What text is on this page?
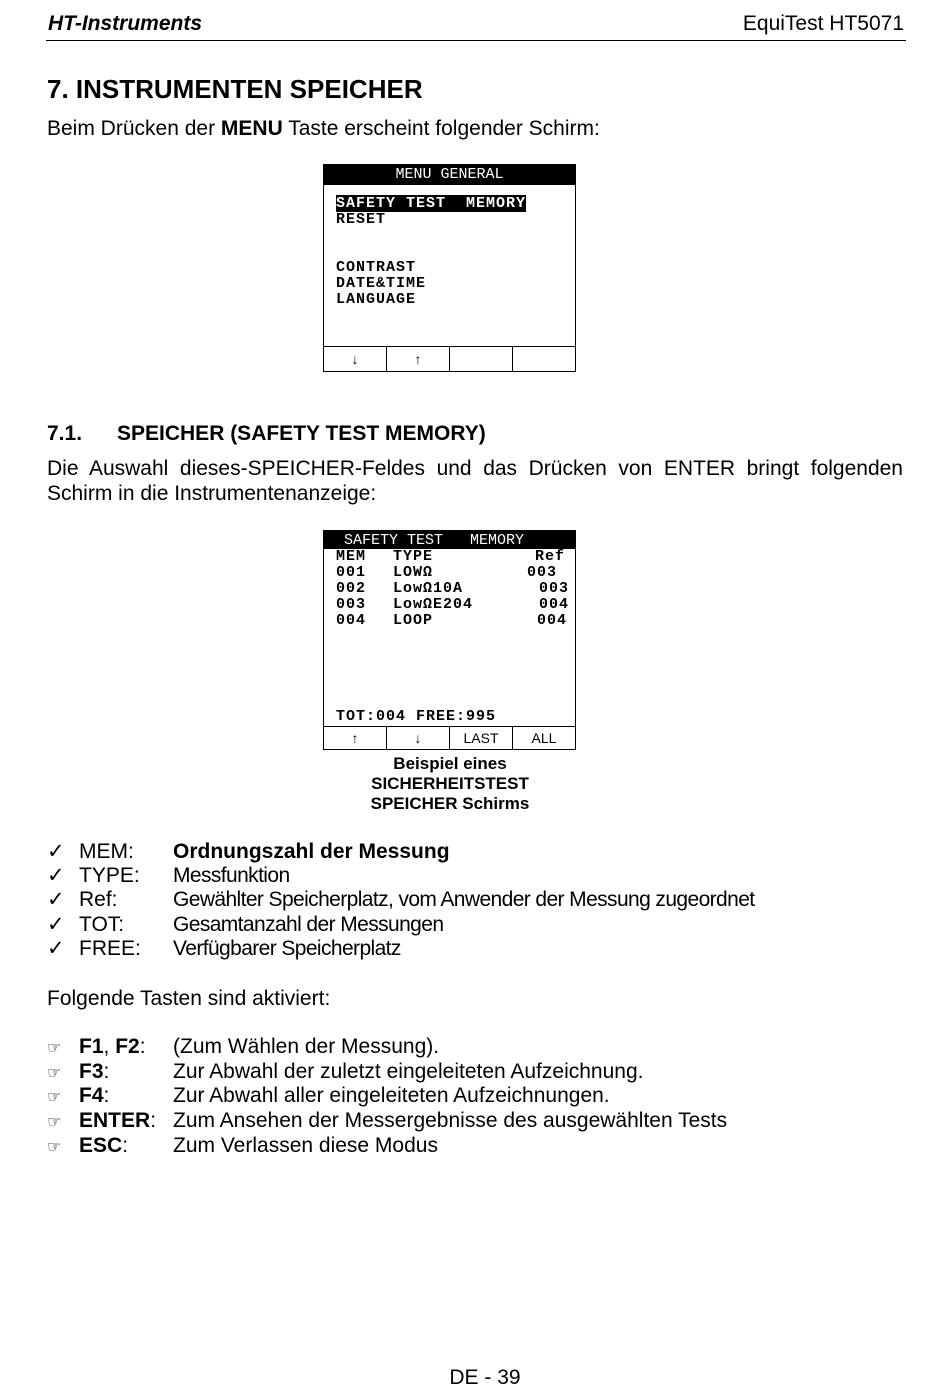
HT-Instruments	EquiTest HT5071
7. INSTRUMENTEN SPEICHER
Beim Drücken der MENU Taste erscheint folgender Schirm:
MENU GENERAL
SAFETY TEST  MEMORY
RESET
CONTRAST
DATE&TIME
LANGUAGE
↓	↑
7.1. SPEICHER (SAFETY TEST MEMORY)
Die Auswahl dieses-SPEICHER-Feldes und das Drücken von ENTER bringt folgenden
Schirm in die Instrumentenanzeige:
SAFETY TEST   MEMORY
MEM TYPE	Ref
001 LOWΩ	003
002 LowΩ10A	003
003 LowΩE204	004
004 LOOP	004
TOT:004 FREE:995
↑	↓	LAST	ALL
Beispiel eines
SICHERHEITSTEST
SPEICHER Schirms
✓ MEM: Ordnungszahl der Messung
✓ TYPE: Messfunktion
✓ Ref:	Gewählter Speicherplatz, vom Anwender der Messung zugeordnet
✓ TOT: Gesamtanzahl der Messungen
✓ FREE: Verfügbarer Speicherplatz
Folgende Tasten sind aktiviert:
☞ F1, F2: (Zum Wählen der Messung).
☞ F3:	Zur Abwahl der zuletzt eingeleiteten Aufzeichnung.
☞ F4:	Zur Abwahl aller eingeleiteten Aufzeichnungen.
☞ ENTER: Zum Ansehen der Messergebnisse des ausgewählten Tests
☞ ESC: Zum Verlassen diese Modus
DE - 39
